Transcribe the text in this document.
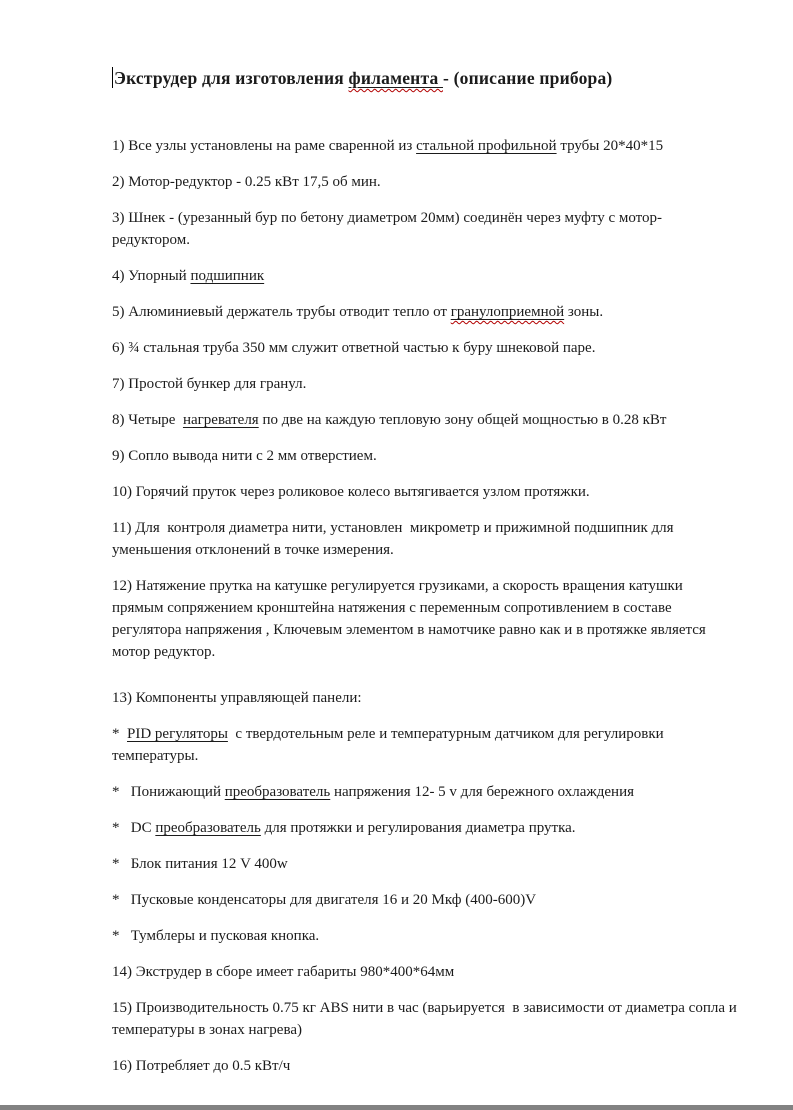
Экструдер для изготовления филамента - (описание прибора)

1) Все узлы установлены на раме сваренной из стальной профильной трубы 20*40*15

2) Мотор-редуктор - 0.25 кВт 17,5 об мин.

3) Шнек - (урезанный бур по бетону диаметром 20мм) соединён через муфту с мотор-редуктором.

4) Упорный подшипник

5) Алюминиевый держатель трубы отводит тепло от гранулоприемной зоны.

6) ¾ стальная труба 350 мм служит ответной частью к буру шнековой паре.

7) Простой бункер для гранул.

8) Четыре  нагревателя по две на каждую тепловую зону общей мощностью в 0.28 кВт

9) Сопло вывода нити с 2 мм отверстием.

10) Горячий пруток через роликовое колесо вытягивается узлом протяжки.

11) Для  контроля диаметра нити, установлен  микрометр и прижимной подшипник для уменьшения отклонений в точке измерения.

12) Натяжение прутка на катушке регулируется грузиками, а скорость вращения катушки прямым сопряжением кронштейна натяжения с переменным сопротивлением в составе регулятора напряжения , Ключевым элементом в намотчике равно как и в протяжке является мотор редуктор.

13) Компоненты управляющей панели:

*  PID регуляторы  с твердотельным реле и температурным датчиком для регулировки температуры.

*   Понижающий преобразователь напряжения 12- 5 v для бережного охлаждения

*   DC преобразователь для протяжки и регулирования диаметра прутка.

*   Блок питания 12 V 400w

*   Пусковые конденсаторы для двигателя 16 и 20 Мкф (400-600)V

*   Тумблеры и пусковая кнопка.

14) Экструдер в сборе имеет габариты 980*400*64мм

15) Производительность 0.75 кг ABS нити в час (варьируется  в зависимости от диаметра сопла и температуры в зонах нагрева)

16) Потребляет до 0.5 кВт/ч
